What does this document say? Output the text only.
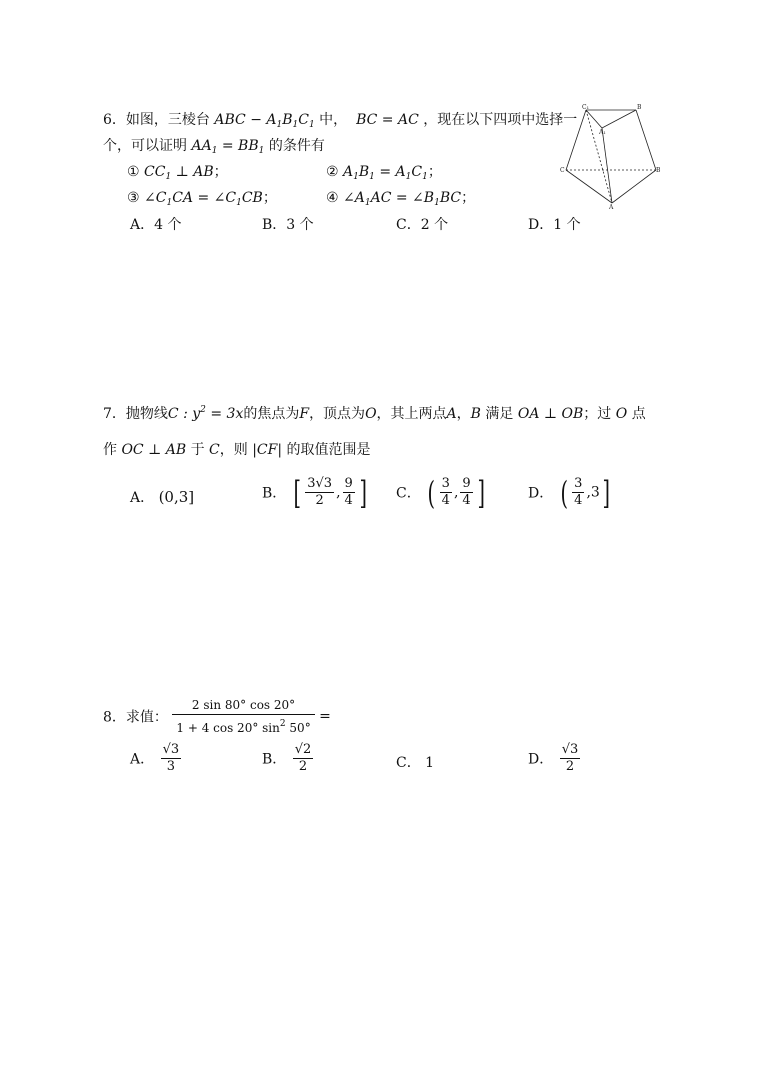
6．如图，三棱台 ABC − $A_1B_1C_1$ 中，  BC = AC ，现在以下四项中选择一
个，可以证明 $AA_1 = BB_1$ 的条件有
① $CC_1$ ⊥ AB；	② $A_1B_1 = A_1C_1$；
③ $\angle C_1CA$ = $\angle C_1CB$；	④ $\angle A_1AC$ = $\angle B_1BC$；
A．4 个	B．3 个	C．2 个	D．1 个
C₁	B
A₁
C	B
A
7．抛物线C : $y^2 = 3x$的焦点为F，顶点为O，其上两点A，B 满足 OA ⊥ OB；过 O 点
作 OC ⊥ AB 于 C，则 |CF| 的取值范围是
A． (0,3]	B． [ $\frac{3√3}{2}$ , $\frac{9}{4}$ ] C． ( $\frac{3}{4}$ , $\frac{9}{4}$ ]	D． ( $\frac{3}{4} ,3$]
8．求值： $\frac{2 \sin 80^\circ \cos 20^\circ}{1 + 4 \cos 20^\circ \sin^2 50^\circ}$ =
A． $\frac{√3}{3}$	B． $\frac{√2}{2}$	C． 1	D． $\frac{√3}{2}$
